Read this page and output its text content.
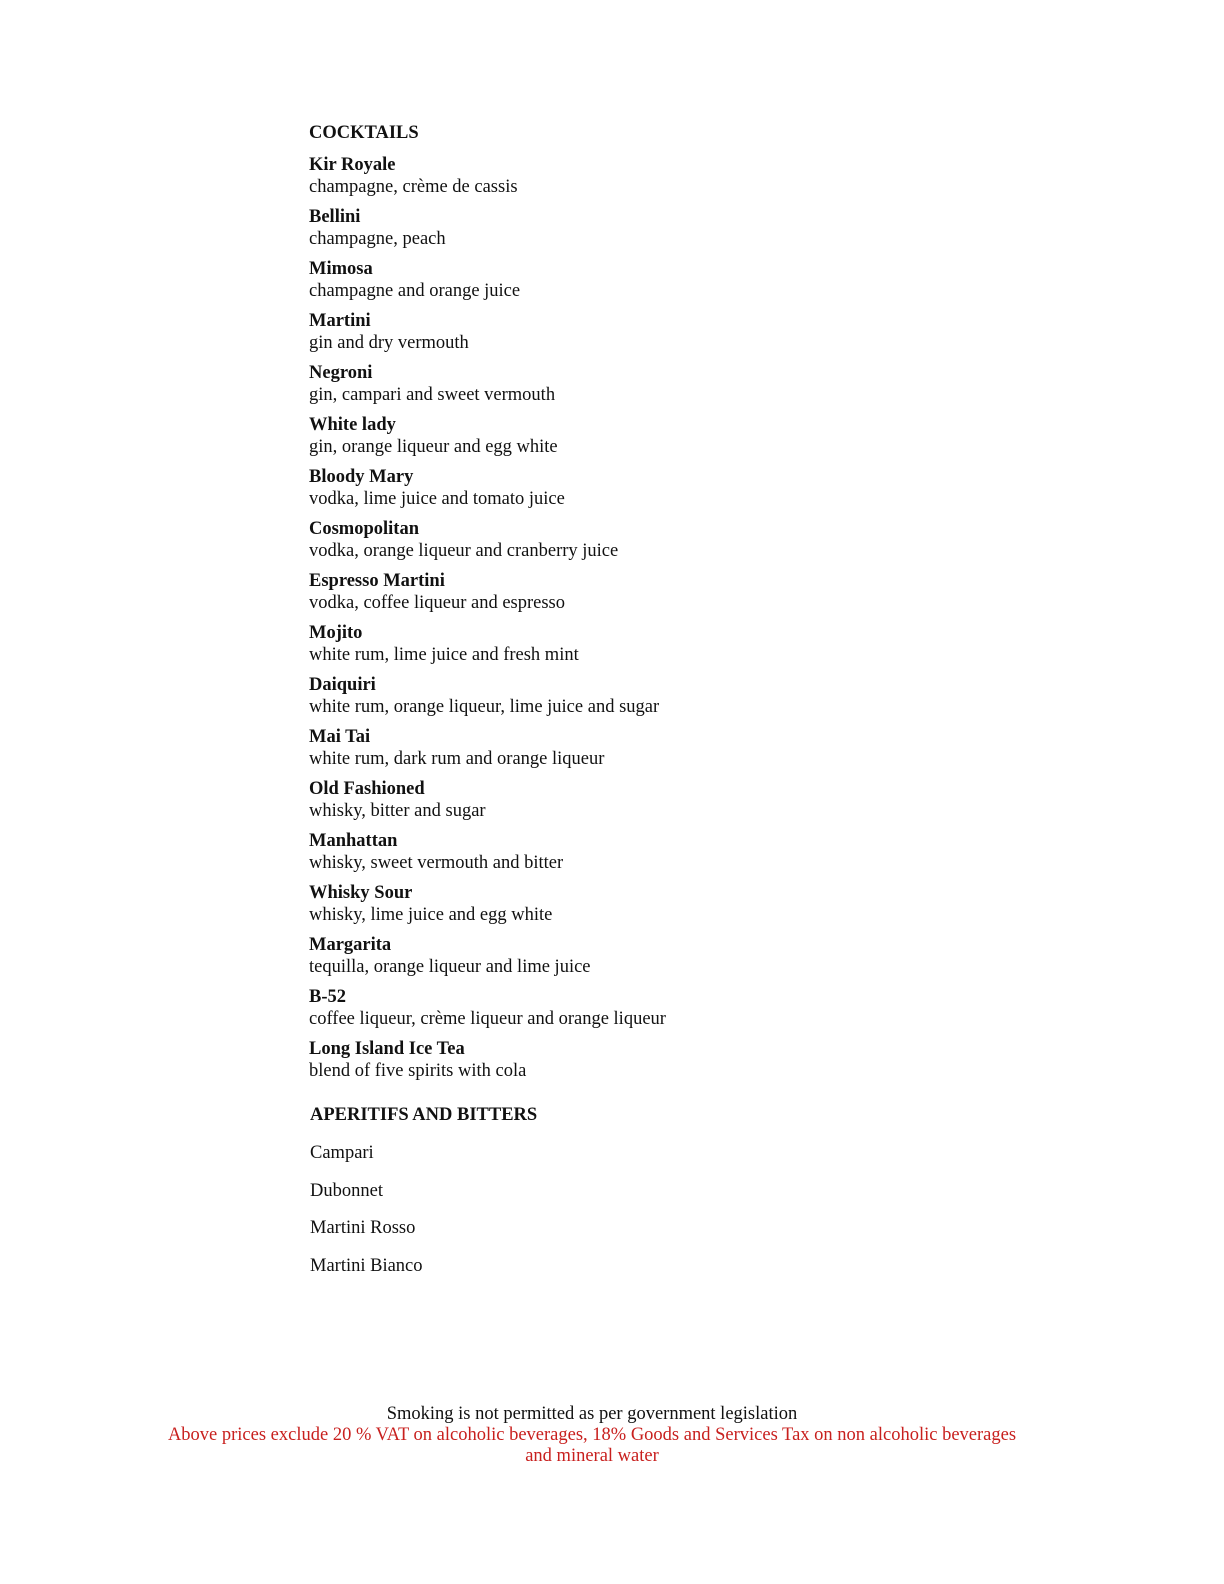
COCKTAILS
Kir Royale
champagne, crème de cassis
Bellini
champagne, peach
Mimosa
champagne and orange juice
Martini
gin and dry vermouth
Negroni
gin, campari and sweet vermouth
White lady
gin, orange liqueur and egg white
Bloody Mary
vodka, lime juice and tomato juice
Cosmopolitan
vodka, orange liqueur and cranberry juice
Espresso Martini
vodka, coffee liqueur and espresso
Mojito
white rum, lime juice and fresh mint
Daiquiri
white rum, orange liqueur, lime juice and sugar
Mai Tai
white rum, dark rum and orange liqueur
Old Fashioned
whisky, bitter and sugar
Manhattan
whisky, sweet vermouth and bitter
Whisky Sour
whisky, lime juice and egg white
Margarita
tequilla, orange liqueur and lime juice
B-52
coffee liqueur, crème liqueur and orange liqueur
Long Island Ice Tea
blend of five spirits with cola
APERITIFS AND BITTERS
Campari
Dubonnet
Martini Rosso
Martini Bianco
Smoking is not permitted as per government legislation
Above prices exclude 20 % VAT on alcoholic beverages, 18% Goods and Services Tax on non alcoholic beverages
and mineral water
